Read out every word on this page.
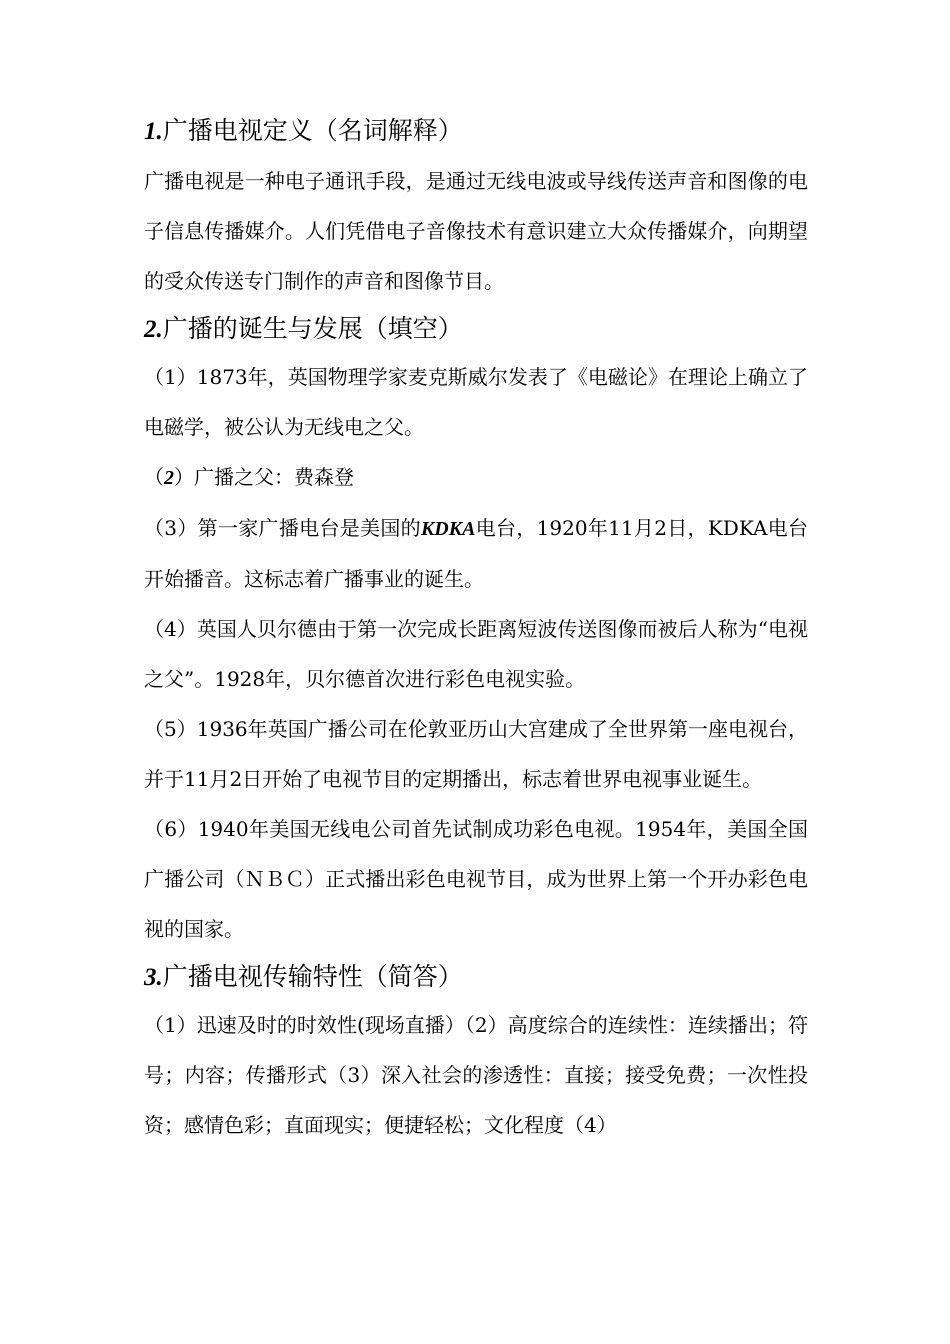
1.广播电视定义（名词解释）

广播电视是一种电子通讯手段，是通过无线电波或导线传送声音和图像的电子信息传播媒介。人们凭借电子音像技术有意识建立大众传播媒介，向期望的受众传送专门制作的声音和图像节目。

2.广播的诞生与发展（填空）

（1）1873年，英国物理学家麦克斯威尔发表了《电磁论》在理论上确立了电磁学，被公认为无线电之父。

（2）广播之父：费森登

（3）第一家广播电台是美国的KDKA电台，1920年11月2日，KDKA电台开始播音。这标志着广播事业的诞生。

（4）英国人贝尔德由于第一次完成长距离短波传送图像而被后人称为“电视之父”。1928年，贝尔德首次进行彩色电视实验。

（5）1936年英国广播公司在伦敦亚历山大宫建成了全世界第一座电视台，并于11月2日开始了电视节目的定期播出，标志着世界电视事业诞生。

（6）1940年美国无线电公司首先试制成功彩色电视。1954年，美国全国广播公司（ＮＢＣ）正式播出彩色电视节目，成为世界上第一个开办彩色电视的国家。

3.广播电视传输特性（简答）

（1）迅速及时的时效性(现场直播）（2）高度综合的连续性：连续播出；符号；内容；传播形式（3）深入社会的渗透性：直接；接受免费；一次性投资；感情色彩；直面现实；便捷轻松；文化程度（4）
